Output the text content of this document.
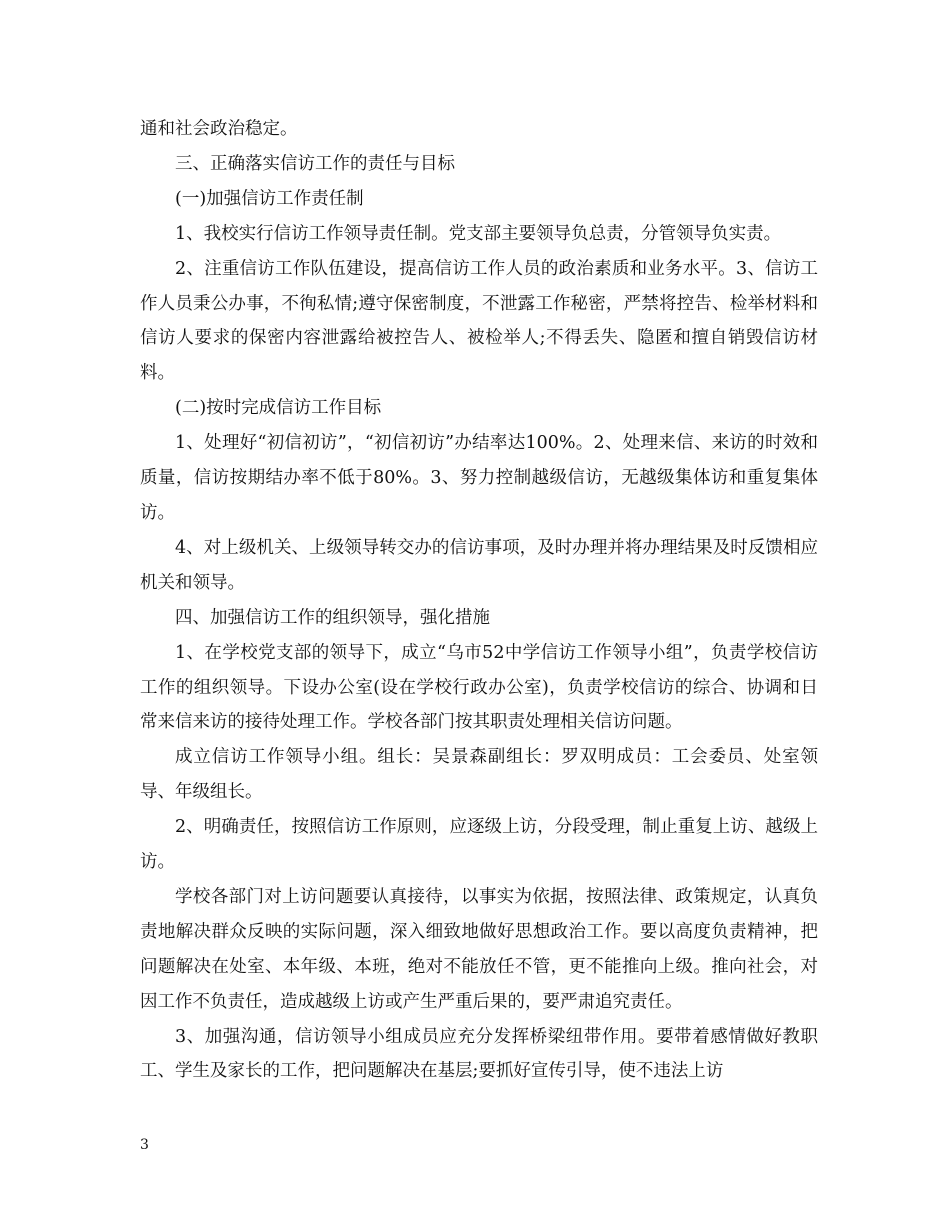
通和社会政治稳定。

三、正确落实信访工作的责任与目标

(一)加强信访工作责任制

1、我校实行信访工作领导责任制。党支部主要领导负总责，分管领导负实责。

2、注重信访工作队伍建设，提高信访工作人员的政治素质和业务水平。3、信访工作人员秉公办事，不徇私情;遵守保密制度，不泄露工作秘密，严禁将控告、检举材料和信访人要求的保密内容泄露给被控告人、被检举人;不得丢失、隐匿和擅自销毁信访材料。

(二)按时完成信访工作目标

1、处理好“初信初访”，“初信初访”办结率达100%。2、处理来信、来访的时效和质量，信访按期结办率不低于80%。3、努力控制越级信访，无越级集体访和重复集体访。

4、对上级机关、上级领导转交办的信访事项，及时办理并将办理结果及时反馈相应机关和领导。

四、加强信访工作的组织领导，强化措施

1、在学校党支部的领导下，成立“乌市52中学信访工作领导小组”，负责学校信访工作的组织领导。下设办公室(设在学校行政办公室)，负责学校信访的综合、协调和日常来信来访的接待处理工作。学校各部门按其职责处理相关信访问题。

成立信访工作领导小组。组长：吴景森副组长：罗双明成员：工会委员、处室领导、年级组长。

2、明确责任，按照信访工作原则，应逐级上访，分段受理，制止重复上访、越级上访。

学校各部门对上访问题要认真接待，以事实为依据，按照法律、政策规定，认真负责地解决群众反映的实际问题，深入细致地做好思想政治工作。要以高度负责精神，把问题解决在处室、本年级、本班，绝对不能放任不管，更不能推向上级。推向社会，对因工作不负责任，造成越级上访或产生严重后果的，要严肃追究责任。

3、加强沟通，信访领导小组成员应充分发挥桥梁纽带作用。要带着感情做好教职工、学生及家长的工作，把问题解决在基层;要抓好宣传引导，使不违法上访

3
